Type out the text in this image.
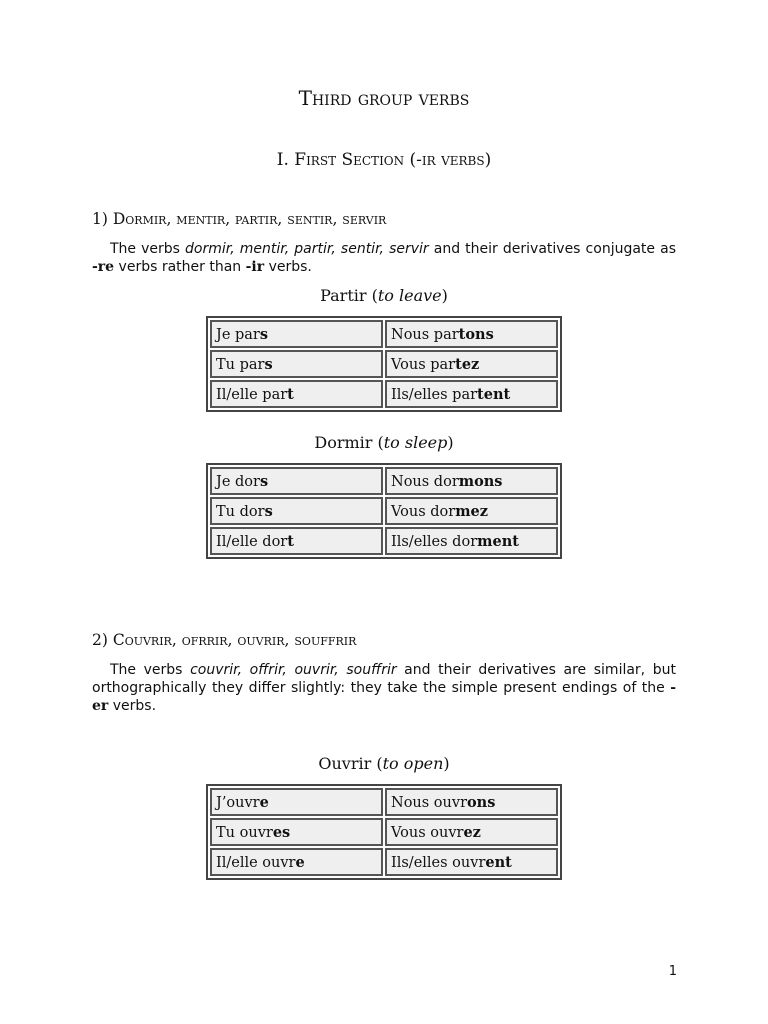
Third group verbs
I. First Section (-ir verbs)
1) Dormir, mentir, partir, sentir, servir

The verbs dormir, mentir, partir, sentir, servir and their derivatives conjugate as -re verbs rather than -ir verbs.

Partir (to leave)
Je pars	Nous partons
Tu pars	Vous partez
Il/elle part	Ils/elles partent
Dormir (to sleep)
Je dors	Nous dormons
Tu dors	Vous dormez
Il/elle dort	Ils/elles dorment
2) Couvrir, ofrrir, ouvrir, souffrir

The verbs couvrir, offrir, ouvrir, souffrir and their derivatives are similar, but orthographically they differ slightly: they take the simple present endings of the -er verbs.

Ouvrir (to open)
J’ouvre	Nous ouvrons
Tu ouvres	Vous ouvrez
Il/elle ouvre	Ils/elles ouvrent
1
